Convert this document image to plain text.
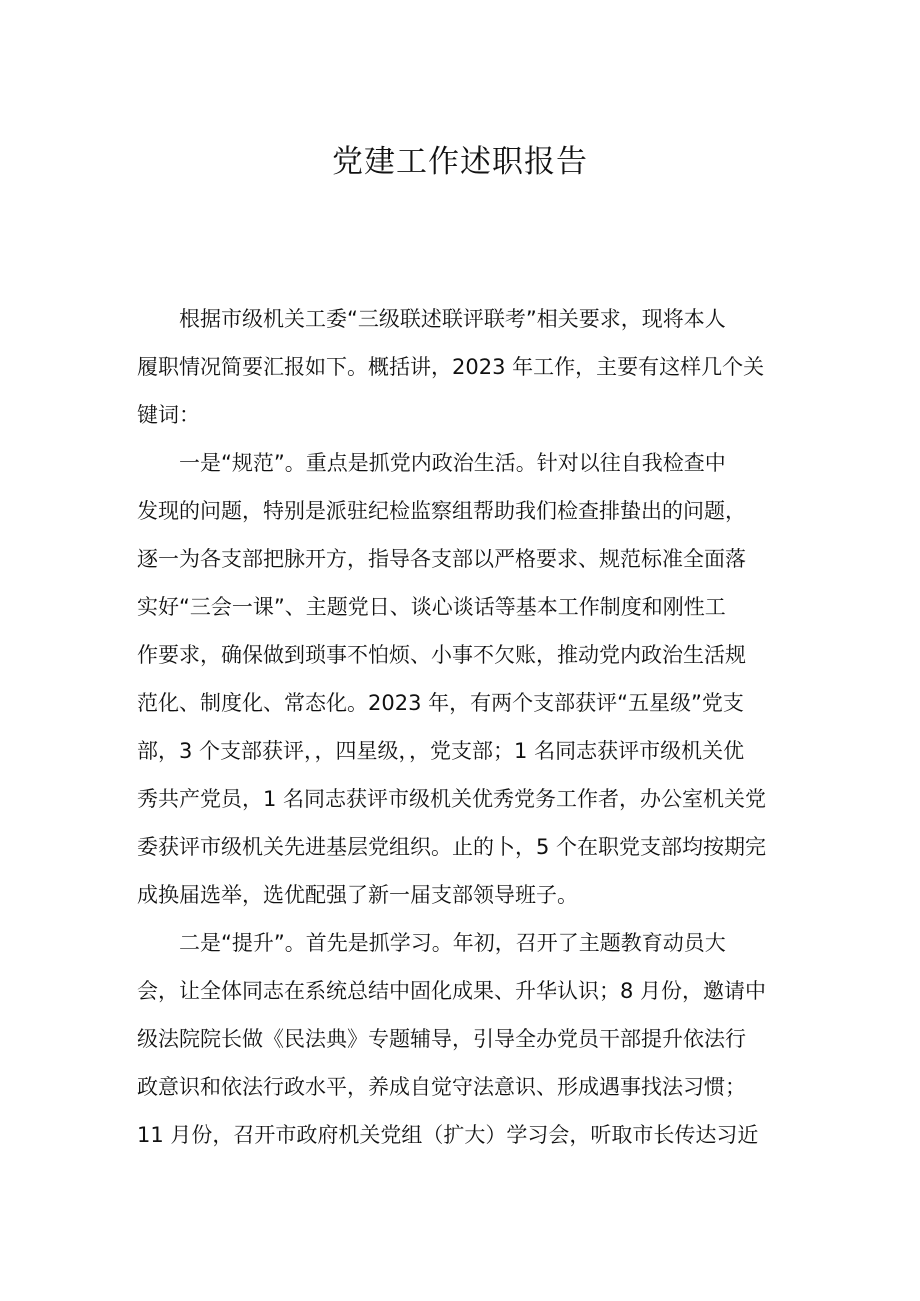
党建工作述职报告
根据市级机关工委“三级联述联评联考”相关要求，现将本人
履职情况简要汇报如下。概括讲，2023 年工作，主要有这样几个关
键词：
一是“规范”。重点是抓党内政治生活。针对以往自我检查中
发现的问题，特别是派驻纪检监察组帮助我们检查排蛰出的问题，
逐一为各支部把脉开方，指导各支部以严格要求、规范标准全面落
实好“三会一课”、主题党日、谈心谈话等基本工作制度和刚性工
作要求，确保做到琐事不怕烦、小事不欠账，推动党内政治生活规
范化、制度化、常态化。2023 年，有两个支部获评“五星级”党支
部，3 个支部获评，，四星级，，党支部；1 名同志获评市级机关优
秀共产党员，1 名同志获评市级机关优秀党务工作者，办公室机关党
委获评市级机关先进基层党组织。止的卜，5 个在职党支部均按期完
成换届选举，选优配强了新一届支部领导班子。
二是“提升”。首先是抓学习。年初，召开了主题教育动员大
会，让全体同志在系统总结中固化成果、升华认识；8 月份，邀请中
级法院院长做《民法典》专题辅导，引导全办党员干部提升依法行
政意识和依法行政水平，养成自觉守法意识、形成遇事找法习惯；
11 月份，召开市政府机关党组（扩大）学习会，听取市长传达习近
